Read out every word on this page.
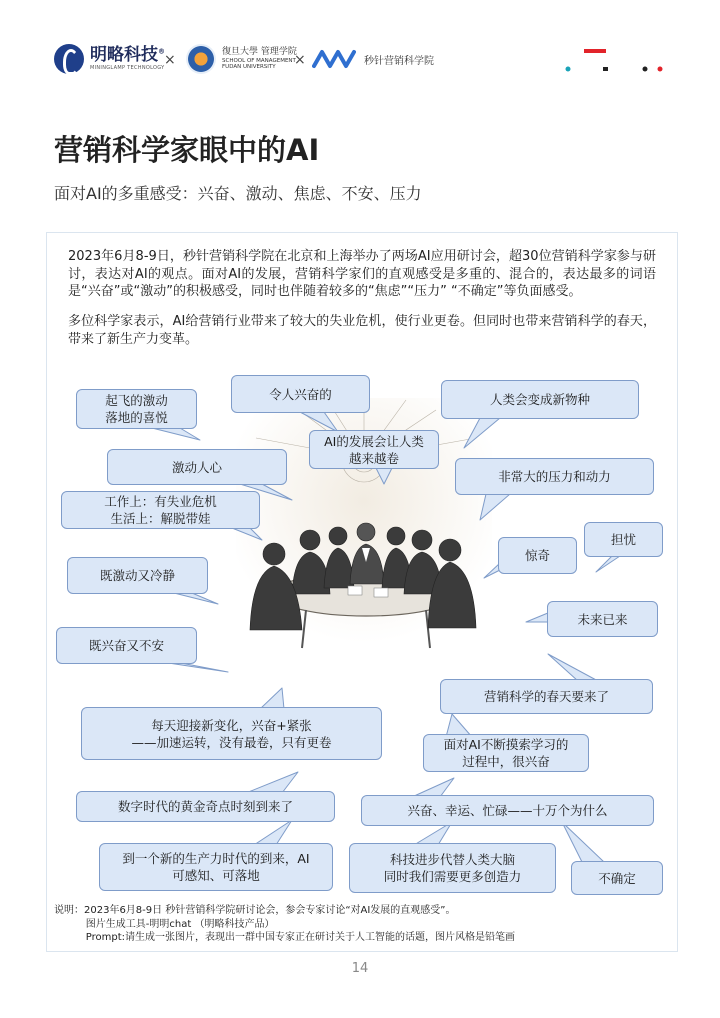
明略科技®
MININGLAMP TECHNOLOGY ×	復旦大學 管理学院
SCHOOL OF MANAGEMENT
FUDAN UNIVERSITY	×	秒针营销科学院
营销科学家眼中的AI
面对AI的多重感受：兴奋、激动、焦虑、不安、压力
2023年6月8-9日，秒针营销科学院在北京和上海举办了两场AI应用研讨会，超30位营销科学家参与研讨，表达对AI的观点。面对AI的发展，营销科学家们的直观感受是多重的、混合的，表达最多的词语是“兴奋”或“激动”的积极感受，同时也伴随着较多的“焦虑”“压力” “不确定”等负面感受。
多位科学家表示，AI给营销行业带来了较大的失业危机，使行业更卷。但同时也带来营销科学的春天，带来了新生产力变革。
起飞的激动
落地的喜悦
令人兴奋的	人类会变成新物种
AI的发展会让人类
越来越卷
激动人心
非常大的压力和动力
工作上：有失业危机
生活上：解脱带娃
担忧
惊奇
既激动又冷静
未来已来
既兴奋又不安
营销科学的春天要来了
每天迎接新变化，兴奋+紧张
——加速运转，没有最卷，只有更卷	面对AI不断摸索学习的
过程中，很兴奋
数字时代的黄金奇点时刻到来了	兴奋、幸运、忙碌——十万个为什么
到一个新的生产力时代的到来，AI
可感知、可落地
科技进步代替人类大脑
同时我们需要更多创造力	不确定
说明：2023年6月8-9日 秒针营销科学院研讨论会，参会专家讨论“对AI发展的直观感受”。
图片生成工具-明明chat （明略科技产品）
Prompt:请生成一张图片，表现出一群中国专家正在研讨关于人工智能的话题，图片风格是铅笔画
14
